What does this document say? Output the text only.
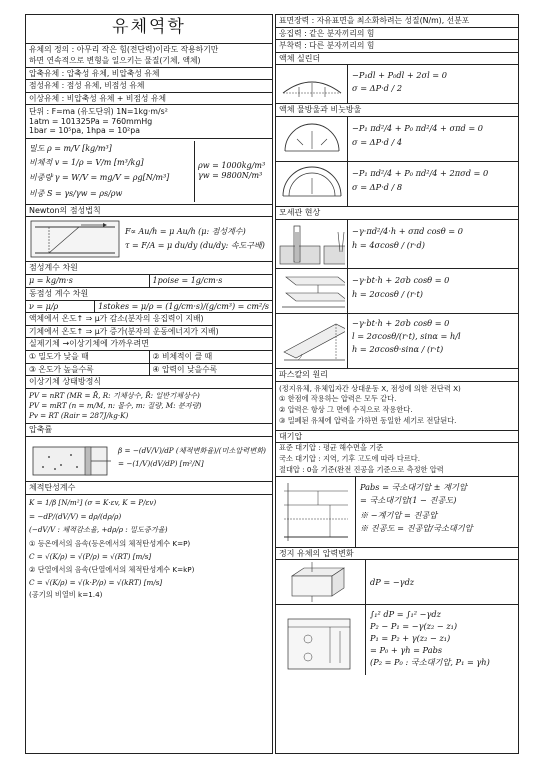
유체역학
유체의 정의 : 아무리 작은 힘(전단력)이라도 작용하기만
하면 연속적으로 변형을 일으키는 물질(기체, 액체)
압축유체 : 압축성 유체, 비압축성 유체
점성유체 : 점성 유체, 비점성 유체
이상유체 : 비압축성 유체 + 비점성 유체
단위 : F=ma (유도단위) 1N=1kg·m/s²
1atm = 101325Pa = 760mmHg
1bar = 10⁵pa, 1hpa = 10²pa
밀도 ρ = m/V [kg/m³]
비체적 v = 1/ρ = V/m [m³/kg]
비중량 γ = W/V = mg/V = ρg[N/m³]
비중 S = γs/γw = ρs/ρw
ρw = 1000kg/m³
γw = 9800N/m³
Newton의 점성법칙
F∝ Au/h = μ Au/h (μ: 점성계수)
τ = F/A = μ du/dy (du/dy: 속도구배)
점성계수 차원
μ = kg/m·s	1poise = 1g/cm·s
동점성 계수 차원
ν = μ/ρ	1stokes = μ/ρ = (1g/cm·s)/(g/cm³) = cm²/s
액체에서 온도↑ ⇒ μ가 감소(분자의 응집력이 지배)
기체에서 온도↑ ⇒ μ가 증가(분자의 운동에너지가 지배)
실제기체 →이상기체에 가까우려면
① 밀도가 낮을 때	② 비체적이 클 때
③ 온도가 높을수록	④ 압력이 낮을수록
이상기체 상태방정식
PV = nRT (MR = R̄, R: 기체상수, R̄: 일반기체상수)
PV = mRT (n = m/M, n: 몰수, m: 질량, M: 분자량)
Pv = RT (Rair = 287J/kg·K)
압축률
β = −(dV/V)/dP (체적변화율)/(미소압력변화)
= −(1/V)(dV/dP) [m²/N]
체적탄성계수
K = 1/β [N/m²] (σ = K·εv, K = P/εv)
= −dP/(dV/V) = dρ/(dρ/ρ)
(−dV/V : 체적감소율, +dρ/ρ : 밀도증가율)
① 등온에서의 음속(등온에서의 체적탄성계수 K=P)
C = √(K/ρ) = √(P/ρ) = √(RT) [m/s]
② 단열에서의 음속(단열에서의 체적탄성계수 K=kP)
C = √(K/ρ) = √(k·P/ρ) = √(kRT) [m/s]
(공기의 비열비 k=1.4)
표면장력 : 자유표면을 최소화하려는 성질(N/m), 선분포
응집력 : 같은 분자끼리의 힘
부착력 : 다른 분자끼리의 힘
액체 실린더
−P₁dl + P₀dl + 2σl = 0
σ = ΔP·d / 2
액체 물방울과 비눗방울
−P₁ πd²/4 + P₀ πd²/4 + σπd = 0
σ = ΔP·d / 4
−P₁ πd²/4 + P₀ πd²/4 + 2πσd = 0
σ = ΔP·d / 8
모세관 현상
−γ·πd²/4·h + σπd cosθ = 0
h = 4σcosθ / (r·d)
−γ·bt·h + 2σb cosθ = 0
h = 2σcosθ / (r·t)
−γ·bt·h + 2σb cosθ = 0
l = 2σcosθ/(r·t), sinα = h/l
h = 2σcosθ·sinα / (r·t)
파스칼의 원리
(정지유체, 유체입자간 상대운동 X, 점성에 의한 전단력 X)
① 한점에 작용하는 압력은 모두 같다.
② 압력은 항상 그 면에 수직으로 작용한다.
③ 밀폐된 유체에 압력을 가하면 동일한 세기로 전달된다.
대기압
표준 대기압 : 평균 해수면을 기준
국소 대기압 : 지역, 기후 고도에 따라 다르다.
절대압 : 0을 기준(완전 진공을 기준으로 측정한 압력
Pabs = 국소대기압 ± 계기압
= 국소대기압(1 − 진공도)
※ −계기압 = 진공압
※ 진공도 = 진공압/국소대기압
정지 유체의 압력변화
dP = −γdz
∫₁² dP = ∫₁² −γdz
P₂ − P₁ = −γ(z₂ − z₁)
P₁ = P₂ + γ(z₂ − z₁)
= P₀ + γh = Pabs
(P₂ = P₀ : 국소대기압, P₁ = γh)
